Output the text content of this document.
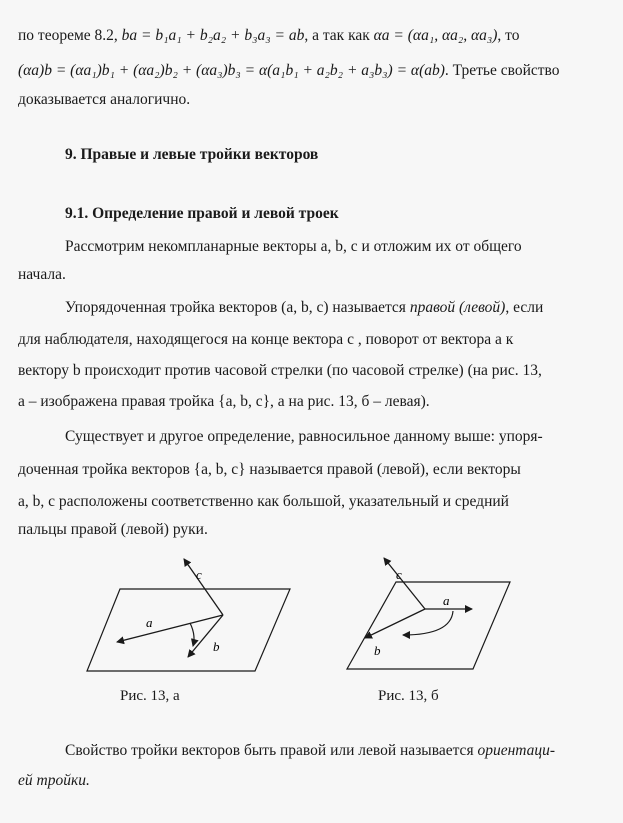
по теореме 8.2, ba = b₁a₁ + b₂a₂ + b₃a₃ = ab, а так как αa = (αa₁, αa₂, αa₃), то
(αa)b = (αa₁)b₁ + (αa₂)b₂ + (αa₃)b₃ = α(a₁b₁ + a₂b₂ + a₃b₃) = α(ab). Третье свойство
доказывается аналогично.
9. Правые и левые тройки векторов
9.1. Определение правой и левой троек
Рассмотрим некомпланарные векторы a, b, c и отложим их от общего
начала.
Упорядоченная тройка векторов (a, b, c) называется правой (левой), если
для наблюдателя, находящегося на конце вектора c , поворот от вектора a к
вектору b происходит против часовой стрелки (по часовой стрелке) (на рис. 13,
а – изображена правая тройка {a, b, c}, а на рис. 13, б – левая).
Существует и другое определение, равносильное данному выше: упоря-
доченная тройка векторов {a, b, c} называется правой (левой), если векторы
a, b, c расположены соответственно как большой, указательный и средний
пальцы правой (левой) руки.
a
b
c
Рис. 13, а
a
b
c
Рис. 13, б
Свойство тройки векторов быть правой или левой называется ориентаци-
ей тройки.
